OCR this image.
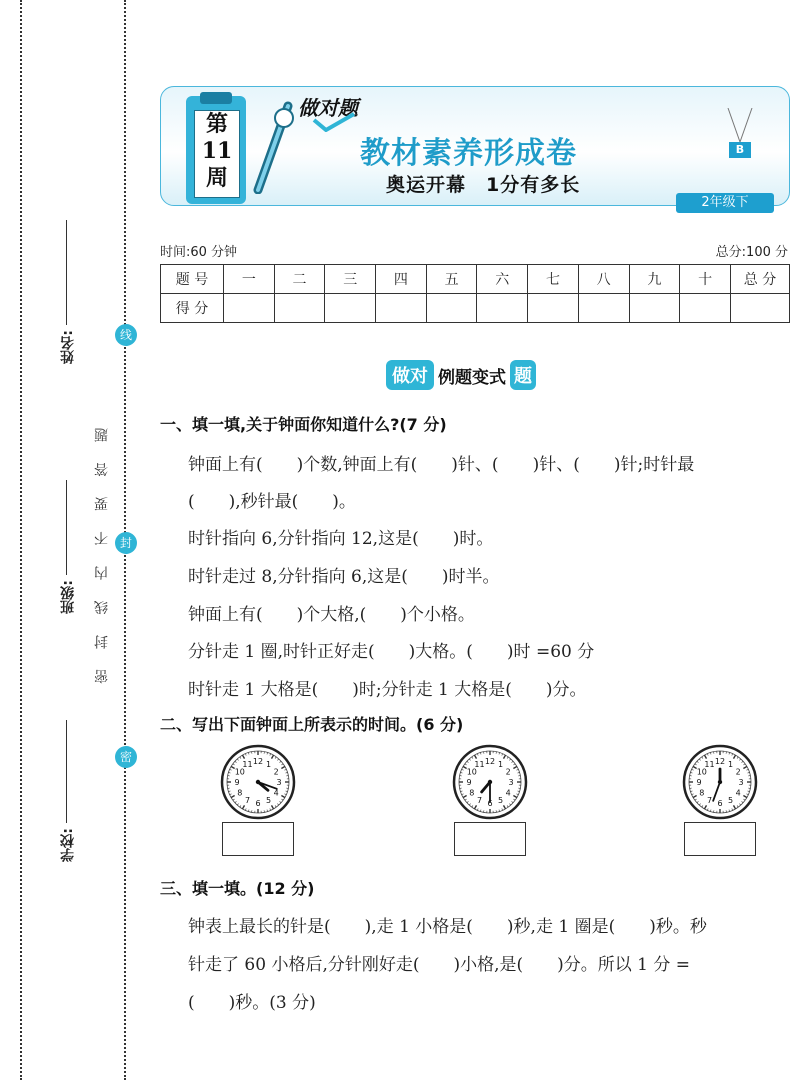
姓名:
班级:
学校:
密 封 线 内 不 要 答 题
线
封
密
第
11
周
做对题
教材素养形成卷
奥运开幕　1分有多长
B
2年级下
时间:60 分钟	总分:100 分
题 号	一	二	三	四	五	六	七	八	九	十	总 分
得 分											
做对 例题变式 题
一、填一填,关于钟面你知道什么?(7 分)
钟面上有(　　)个数,钟面上有(　　)针、(　　)针、(　　)针;时针最
(　　),秒针最(　　)。
时针指向 6,分针指向 12,这是(　　)时。
时针走过 8,分针指向 6,这是(　　)时半。
钟面上有(　　)个大格,(　　)个小格。
分针走 1 圈,时针正好走(　　)大格。(　　)时 =60 分
时针走 1 大格是(　　)时;分针走 1 大格是(　　)分。
二、写出下面钟面上所表示的时间。(6 分)
12 1
2
3
4
5
6
7
8
9
10
11	12 1
2
3
4
5
6
7
8
9
10
11	12 1
2
3
4
5
6
7
8
9
10
11
三、填一填。(12 分)
钟表上最长的针是(　　),走 1 小格是(　　)秒,走 1 圈是(　　)秒。秒
针走了 60 小格后,分针刚好走(　　)小格,是(　　)分。所以 1 分 =
(　　)秒。(3 分)
